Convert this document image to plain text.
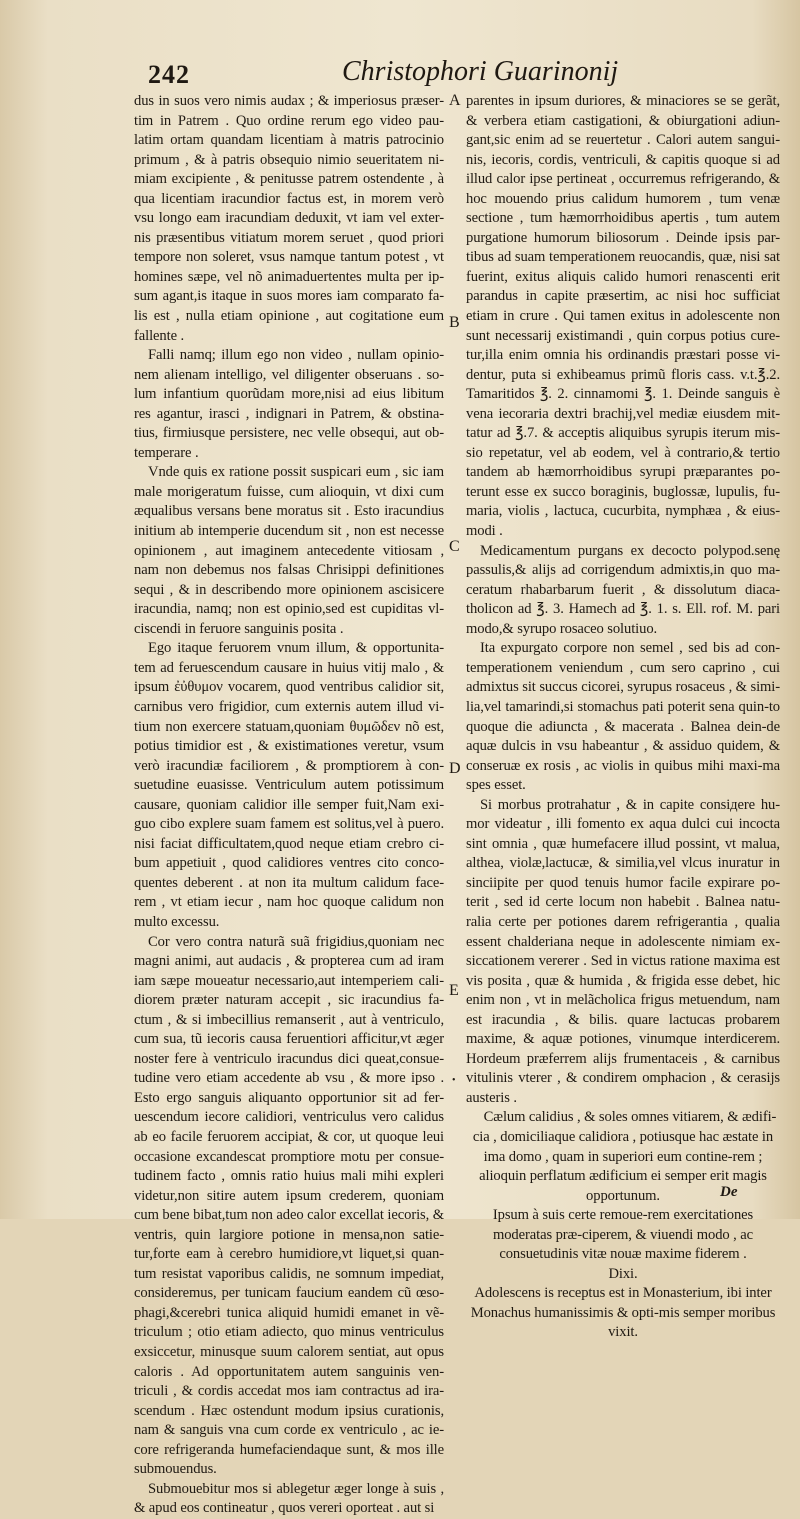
242	Christophori Guarinonij

dus in suos vero nimis audax ; & imperiosus præser-tim in Patrem . Quo ordine rerum ego video pau-latim ortam quandam licentiam à matris patrocinio primum , & à patris obsequio nimio seueritatem ni-miam excipiente , & penitusse patrem ostendente , à qua licentiam iracundior factus est, in morem verò vsu longo eam iracundiam deduxit, vt iam vel exter-nis præsentibus vitiatum morem seruet , quod priori tempore non soleret, vsus namque tantum potest , vt homines sæpe, vel nõ animaduertentes multa per ip-sum agant,is itaque in suos mores iam comparato fa-lis est , nulla etiam opinione , aut cogitatione eum fallente .

Falli namq; illum ego non video , nullam opinio-nem alienam intelligo, vel diligenter obseruans . so-lum infantium quorũdam more,nisi ad eius libitum res agantur, irasci , indignari in Patrem, & obstina-tius, firmiusque persistere, nec velle obsequi, aut ob-temperare .

Vnde quis ex ratione possit suspicari eum , sic iam male morigeratum fuisse, cum alioquin, vt dixi cum æqualibus versans bene moratus sit . Esto iracundius initium ab intemperie ducendum sit , non est necesse opinionem , aut imaginem antecedente vitiosam , nam non debemus nos falsas Chrisippi definitiones sequi , & in describendo more opinionem ascisicere iracundia, namq; non est opinio,sed est cupiditas vl-ciscendi in feruore sanguinis posita .

Ego itaque feruorem vnum illum, & opportunita-tem ad feruescendum causare in huius vitij malo , & ipsum ἐὐθυμον vocarem, quod ventribus calidior sit, carnibus vero frigidior, cum externis autem illud vi-tium non exercere statuam,quoniam θυμῶδεν nõ est, potius timidior est , & existimationes veretur, vsum verò iracundiæ faciliorem , & promptiorem à con-suetudine euasisse. Ventriculum autem potissimum causare, quoniam calidior ille semper fuit,Nam exi-guo cibo explere suam famem est solitus,vel à puero. nisi faciat difficultatem,quod neque etiam crebro ci-bum appetiuit , quod calidiores ventres cito conco-quentes deberent . at non ita multum calidum face-rem , vt etiam iecur , nam hoc quoque calidum non multo excessu.

Cor vero contra naturã suã frigidius,quoniam nec magni animi, aut audacis , & propterea cum ad iram iam sæpe moueatur necessario,aut intemperiem cali-diorem præter naturam accepit , sic iracundius fa-ctum , & si imbecillius remanserit , aut à ventriculo, cum sua, tũ iecoris causa feruentiori afficitur,vt æger noster fere à ventriculo iracundus dici queat,consue-tudine vero etiam accedente ab vsu , & more ipso . Esto ergo sanguis aliquanto opportunior sit ad fer-uescendum iecore calidiori, ventriculus vero calidus ab eo facile feruorem accipiat, & cor, ut quoque leui occasione excandescat promptiore motu per consue-tudinem facto , omnis ratio huius mali mihi expleri videtur,non sitire autem ipsum crederem, quoniam cum bene bibat,tum non adeo calor excellat iecoris, & ventris, quin largiore potione in mensa,non satie-tur,forte eam à cerebro humidiore,vt liquet,si quan-tum resistat vaporibus calidis, ne somnum impediat, consideremus, per tunicam faucium eandem cũ œso-phagi,&cerebri tunica aliquid humidi emanet in vẽ-triculum ; otio etiam adiecto, quo minus ventriculus exsiccetur, minusque suum calorem sentiat, aut opus caloris . Ad opportunitatem autem sanguinis ven-triculi , & cordis accedat mos iam contractus ad ira-scendum . Hæc ostendunt modum ipsius curationis, nam & sanguis vna cum corde ex ventriculo , ac ie-core refrigeranda humefaciendaque sunt, & mos ille submouendus.

Submouebitur mos si ablegetur æger longe à suis , & apud eos contineatur , quos vereri oporteat . aut si

A
B
C
D
E
•

parentes in ipsum duriores, & minaciores se se gerãt, & verbera etiam castigationi, & obiurgationi adiun-gant,sic enim ad se reuertetur . Calori autem sangui-nis, iecoris, cordis, ventriculi, & capitis quoque si ad illud calor ipse pertineat , occurremus refrigerando, & hoc mouendo prius calidum humorem , tum venæ sectione , tum hæmorrhoidibus apertis , tum autem purgatione humorum biliosorum . Deinde ipsis par-tibus ad suam temperationem reuocandis, quæ, nisi sat fuerint, exitus aliquis calido humori renascenti erit parandus in capite præsertim, ac nisi hoc sufficiat etiam in crure . Qui tamen exitus in adolescente non sunt necessarij existimandi , quin corpus potius cure-tur,illa enim omnia his ordinandis præstari posse vi-dentur, puta si exhibeamus primũ floris cass. v.t.℥.2. Tamaritidos ℥. 2. cinnamomi ℥. 1. Deinde sanguis è vena iecoraria dextri brachij,vel mediæ eiusdem mit-tatur ad ℥.7. & acceptis aliquibus syrupis iterum mis-sio repetatur, vel ab eodem, vel à contrario,& tertio tandem ab hæmorrhoidibus syrupi præparantes po-terunt esse ex succo boraginis, buglossæ, lupulis, fu-maria, violis , lactuca, cucurbita, nymphæa , & eius-modi .

Medicamentum purgans ex decocto polypod.senę passulis,& alijs ad corrigendum admixtis,in quo ma-ceratum rhabarbarum fuerit , & dissolutum diaca-tholicon ad ℥. 3. Hamech ad ℥. 1. s. Ell. rof. M. pari modo,& syrupo rosaceo solutiuo.

Ita expurgato corpore non semel , sed bis ad con-temperationem veniendum , cum sero caprino , cui admixtus sit succus cicorei, syrupus rosaceus , & simi-lia,vel tamarindi,si stomachus pati poterit sena quin-to quoque die adiuncta , & macerata . Balnea dein-de aquæ dulcis in vsu habeantur , & assiduo quidem, & conseruæ ex rosis , ac violis in quibus mihi maxi-ma spes esset.

Si morbus protrahatur , & in capite consiдere hu-mor videatur , illi fomento ex aqua dulci cui incocta sint omnia , quæ humefacere illud possint, vt malua, althea, violæ,lactucæ, & similia,vel vlcus inuratur in sinciipite per quod tenuis humor facile expirare po-terit , sed id certe locum non habebit . Balnea natu-ralia certe per potiones darem refrigerantia , qualia essent chalderiana neque in adolescente nimiam ex-siccationem vererer . Sed in victus ratione maxima est vis posita , quæ & humida , & frigida esse debet, hic enim non , vt in melãcholica frigus metuendum, nam est iracundia , & bilis. quare lactucas probarem maxime, & aquæ potiones, vinumque interdicerem. Hordeum præferrem alijs frumentaceis , & carnibus vitulinis vterer , & condirem omphacion , & cerasijs austeris .

Cælum calidius , & soles omnes vitiarem, & ædifi-cia , domiciliaque calidiora , potiusque hac æstate in ima domo , quam in superiori eum contine-rem ; alioquin perflatum ædificium ei semper erit magis opportunum.

Ipsum à suis certe remoue-rem exercitationes moderatas præ-ciperem, & viuendi modo , ac consuetudinis vitæ nouæ maxime fiderem .

Dixi.

Adolescens is receptus est in Monasterium, ibi inter Monachus humanissimis & opti-mis semper moribus vixit.

De
